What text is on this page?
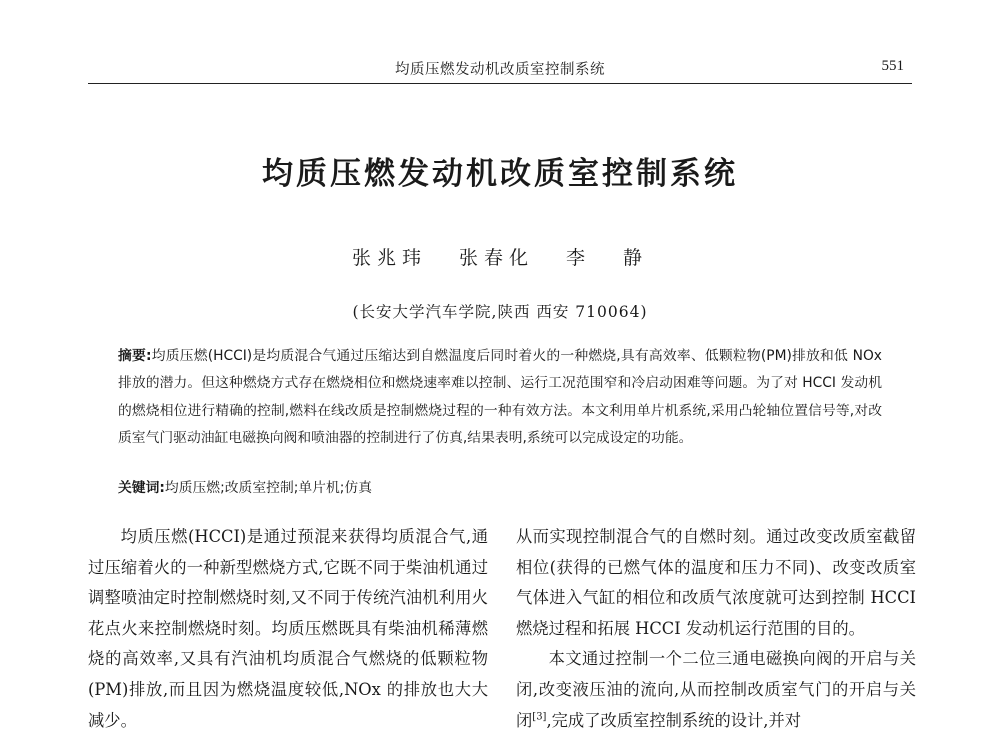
均质压燃发动机改质室控制系统	551
均质压燃发动机改质室控制系统
张兆玮 张春化 李 静
(长安大学汽车学院,陕西 西安 710064)
摘要:均质压燃(HCCI)是均质混合气通过压缩达到自燃温度后同时着火的一种燃烧,具有高效率、低颗粒物(PM)排放和低 NOx 排放的潜力。但这种燃烧方式存在燃烧相位和燃烧速率难以控制、运行工况范围窄和冷启动困难等问题。为了对 HCCI 发动机的燃烧相位进行精确的控制,燃料在线改质是控制燃烧过程的一种有效方法。本文利用单片机系统,采用凸轮轴位置信号等,对改质室气门驱动油缸电磁换向阀和喷油器的控制进行了仿真,结果表明,系统可以完成设定的功能。
关键词:均质压燃;改质室控制;单片机;仿真

均质压燃(HCCI)是通过预混来获得均质混合气,通过压缩着火的一种新型燃烧方式,它既不同于柴油机通过调整喷油定时控制燃烧时刻,又不同于传统汽油机利用火花点火来控制燃烧时刻。均质压燃既具有柴油机稀薄燃烧的高效率,又具有汽油机均质混合气燃烧的低颗粒物(PM)排放,而且因为燃烧温度较低,NOx 的排放也大大减少。

从而实现控制混合气的自燃时刻。通过改变改质室截留相位(获得的已燃气体的温度和压力不同)、改变改质室气体进入气缸的相位和改质气浓度就可达到控制 HCCI 燃烧过程和拓展 HCCI 发动机运行范围的目的。

本文通过控制一个二位三通电磁换向阀的开启与关闭,改变液压油的流向,从而控制改质室气门的开启与关闭[3],完成了改质室控制系统的设计,并对
